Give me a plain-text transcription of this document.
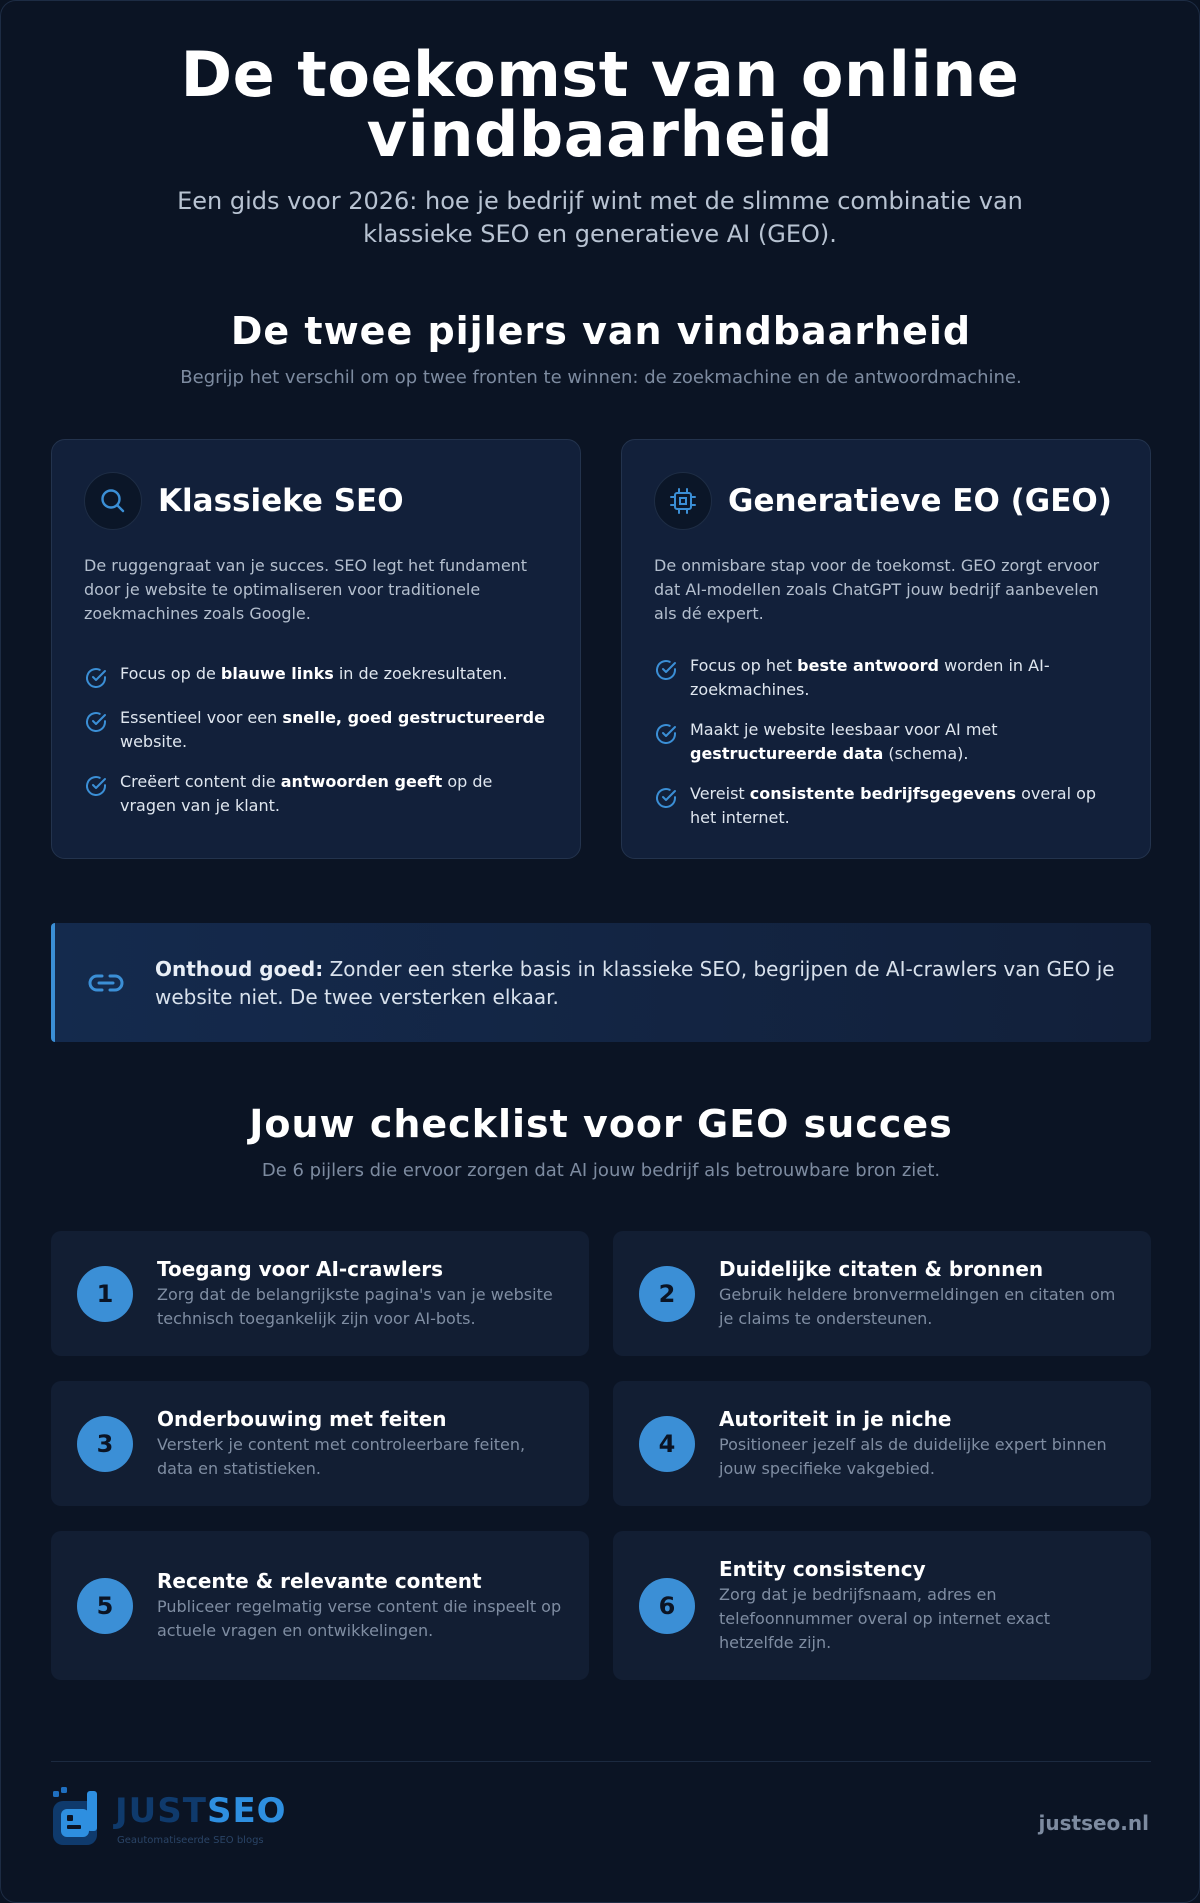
De toekomst van online vindbaarheid

Een gids voor 2026: hoe je bedrijf wint met de slimme combinatie van klassieke SEO en generatieve AI (GEO).

De twee pijlers van vindbaarheid

Begrijp het verschil om op twee fronten te winnen: de zoekmachine en de antwoordmachine.

Klassieke SEO

De ruggengraat van je succes. SEO legt het fundament door je website te optimaliseren voor traditionele zoekmachines zoals Google.

Focus op de blauwe links in de zoekresultaten.
Essentieel voor een snelle, goed gestructureerde website.
Creëert content die antwoorden geeft op de vragen van je klant.
Generatieve EO (GEO)

De onmisbare stap voor de toekomst. GEO zorgt ervoor dat AI-modellen zoals ChatGPT jouw bedrijf aanbevelen als dé expert.

Focus op het beste antwoord worden in AI-zoekmachines.
Maakt je website leesbaar voor AI met gestructureerde data (schema).
Vereist consistente bedrijfsgegevens overal op het internet.

Onthoud goed: Zonder een sterke basis in klassieke SEO, begrijpen de AI-crawlers van GEO je website niet. De twee versterken elkaar.

Jouw checklist voor GEO succes

De 6 pijlers die ervoor zorgen dat AI jouw bedrijf als betrouwbare bron ziet.

1
Toegang voor AI-crawlers

Zorg dat de belangrijkste pagina's van je website technisch toegankelijk zijn voor AI-bots.

2
Duidelijke citaten & bronnen

Gebruik heldere bronvermeldingen en citaten om je claims te ondersteunen.

3
Onderbouwing met feiten

Versterk je content met controleerbare feiten, data en statistieken.

4
Autoriteit in je niche

Positioneer jezelf als de duidelijke expert binnen jouw specifieke vakgebied.

5
Recente & relevante content

Publiceer regelmatig verse content die inspeelt op actuele vragen en ontwikkelingen.

6
Entity consistency

Zorg dat je bedrijfsnaam, adres en telefoonnummer overal op internet exact hetzelfde zijn.

JUSTSEO
Geautomatiseerde SEO blogs
justseo.nl
